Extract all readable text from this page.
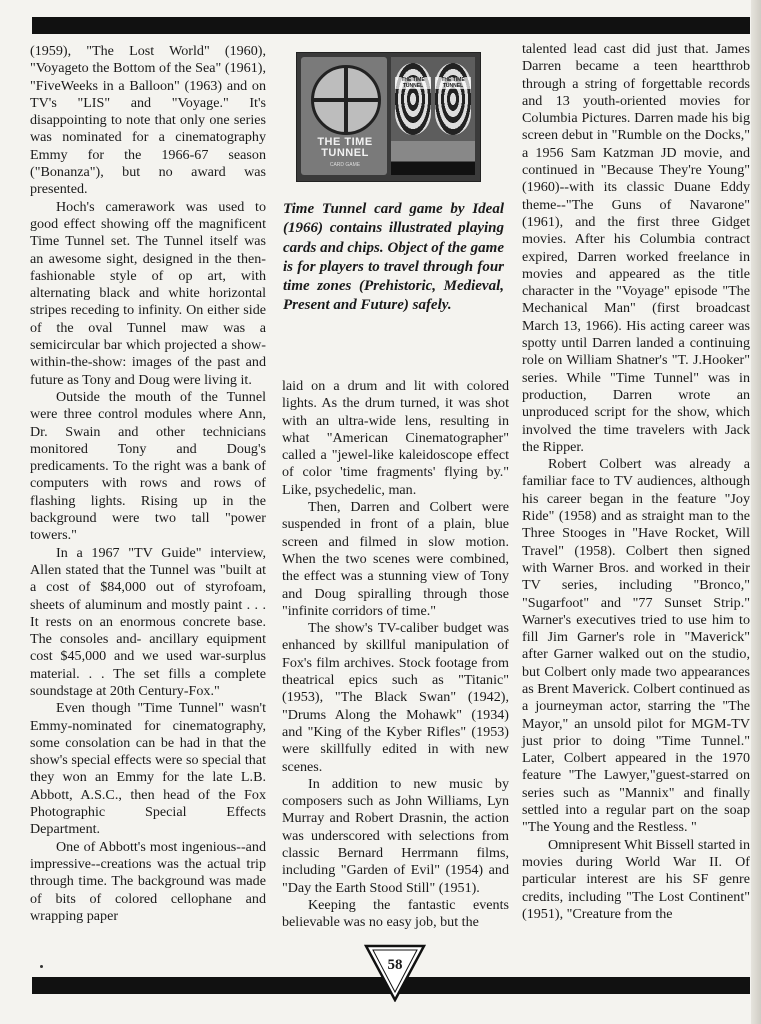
(1959), "The Lost World" (1960), "Voyageto the Bottom of the Sea" (1961), "FiveWeeks in a Balloon" (1963) and on TV's "LIS" and "Voyage." It's disappointing to note that only one series was nominated for a cinematography Emmy for the 1966-67 season ("Bonanza"), but no award was presented.

Hoch's camerawork was used to good effect showing off the magnificent Time Tunnel set. The Tunnel itself was an awesome sight, designed in the then-fashionable style of op art, with alternating black and white horizontal stripes receding to infinity. On either side of the oval Tunnel maw was a semicircular bar which projected a show-within-the-show: images of the past and future as Tony and Doug were living it.

Outside the mouth of the Tunnel were three control modules where Ann, Dr. Swain and other technicians monitored Tony and Doug's predicaments. To the right was a bank of computers with rows and rows of flashing lights. Rising up in the background were two tall "power towers."

In a 1967 "TV Guide" interview, Allen stated that the Tunnel was "built at a cost of $84,000 out of styrofoam, sheets of aluminum and mostly paint . . . It rests on an enormous concrete base. The consoles and- ancillary equipment cost $45,000 and we used war-surplus material. . . The set fills a complete soundstage at 20th Century-Fox."

Even though "Time Tunnel" wasn't Emmy-nominated for cinematography, some consolation can be had in that the show's special effects were so special that they won an Emmy for the late L.B. Abbott, A.S.C., then head of the Fox Photographic Special Effects Department.

One of Abbott's most ingenious--and impressive--creations was the actual trip through time. The background was made of bits of colored cellophane and wrapping paper

THE TIME TUNNEL
CARD GAME
THE TIME TUNNEL
THE TIME TUNNEL
Time Tunnel card game by Ideal (1966) contains illustrated playing cards and chips. Object of the game is for players to travel through four time zones (Prehistoric, Medieval, Present and Future) safely.

laid on a drum and lit with colored lights. As the drum turned, it was shot with an ultra-wide lens, resulting in what "American Cinematographer" called a "jewel-like kaleidoscope effect of color 'time fragments' flying by." Like, psychedelic, man.

Then, Darren and Colbert were suspended in front of a plain, blue screen and filmed in slow motion. When the two scenes were combined, the effect was a stunning view of Tony and Doug spiralling through those "infinite corridors of time."

The show's TV-caliber budget was enhanced by skillful manipulation of Fox's film archives. Stock footage from theatrical epics such as "Titanic" (1953), "The Black Swan" (1942), "Drums Along the Mohawk" (1934) and "King of the Kyber Rifles" (1953) were skillfully edited in with new scenes.

In addition to new music by composers such as John Williams, Lyn Murray and Robert Drasnin, the action was underscored with selections from classic Bernard Herrmann films, including "Garden of Evil" (1954) and "Day the Earth Stood Still" (1951).

Keeping the fantastic events believable was no easy job, but the

talented lead cast did just that. James Darren became a teen heartthrob through a string of forgettable records and 13 youth-oriented movies for Columbia Pictures. Darren made his big screen debut in "Rumble on the Docks," a 1956 Sam Katzman JD movie, and continued in "Because They're Young" (1960)--with its classic Duane Eddy theme--"The Guns of Navarone" (1961), and the first three Gidget movies. After his Columbia contract expired, Darren worked freelance in movies and appeared as the title character in the "Voyage" episode "The Mechanical Man" (first broadcast March 13, 1966). His acting career was spotty until Darren landed a continuing role on William Shatner's "T. J.Hooker" series. While "Time Tunnel" was in production, Darren wrote an unproduced script for the show, which involved the time travelers with Jack the Ripper.

Robert Colbert was already a familiar face to TV audiences, although his career began in the feature "Joy Ride" (1958) and as straight man to the Three Stooges in "Have Rocket, Will Travel" (1958). Colbert then signed with Warner Bros. and worked in their TV series, including "Bronco," "Sugarfoot" and "77 Sunset Strip." Warner's executives tried to use him to fill Jim Garner's role in "Maverick" after Garner walked out on the studio, but Colbert only made two appearances as Brent Maverick. Colbert continued as a journeyman actor, starring the "The Mayor," an unsold pilot for MGM-TV just prior to doing "Time Tunnel." Later, Colbert appeared in the 1970 feature "The Lawyer,"guest-starred on series such as "Mannix" and finally settled into a regular part on the soap "The Young and the Restless. "

Omnipresent Whit Bissell started in movies during World War II. Of particular interest are his SF genre credits, including "The Lost Continent" (1951), "Creature from the

58
